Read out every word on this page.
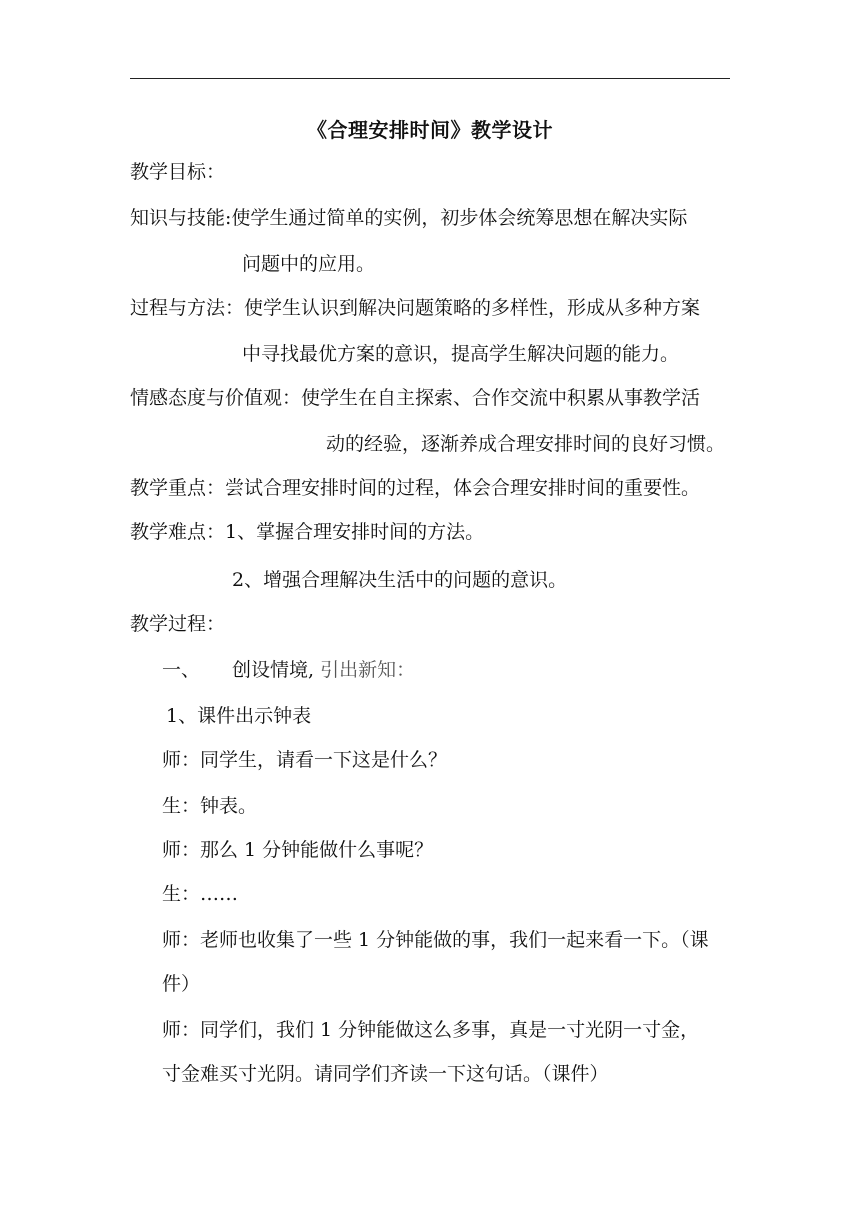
《合理安排时间》教学设计
教学目标：
知识与技能:使学生通过简单的实例，初步体会统筹思想在解决实际
问题中的应用。
过程与方法：使学生认识到解决问题策略的多样性，形成从多种方案
中寻找最优方案的意识，提高学生解决问题的能力。
情感态度与价值观：使学生在自主探索、合作交流中积累从事教学活
动的经验，逐渐养成合理安排时间的良好习惯。
教学重点：尝试合理安排时间的过程，体会合理安排时间的重要性。
教学难点：1、掌握合理安排时间的方法。
2、增强合理解决生活中的问题的意识。
教学过程：
一、 创设情境, 引出新知：
1、课件出示钟表
师：同学生，请看一下这是什么？
生：钟表。
师：那么 1 分钟能做什么事呢？
生：……
师：老师也收集了一些 1 分钟能做的事，我们一起来看一下。（课
件）
师：同学们，我们 1 分钟能做这么多事，真是一寸光阴一寸金，
寸金难买寸光阴。请同学们齐读一下这句话。（课件）
